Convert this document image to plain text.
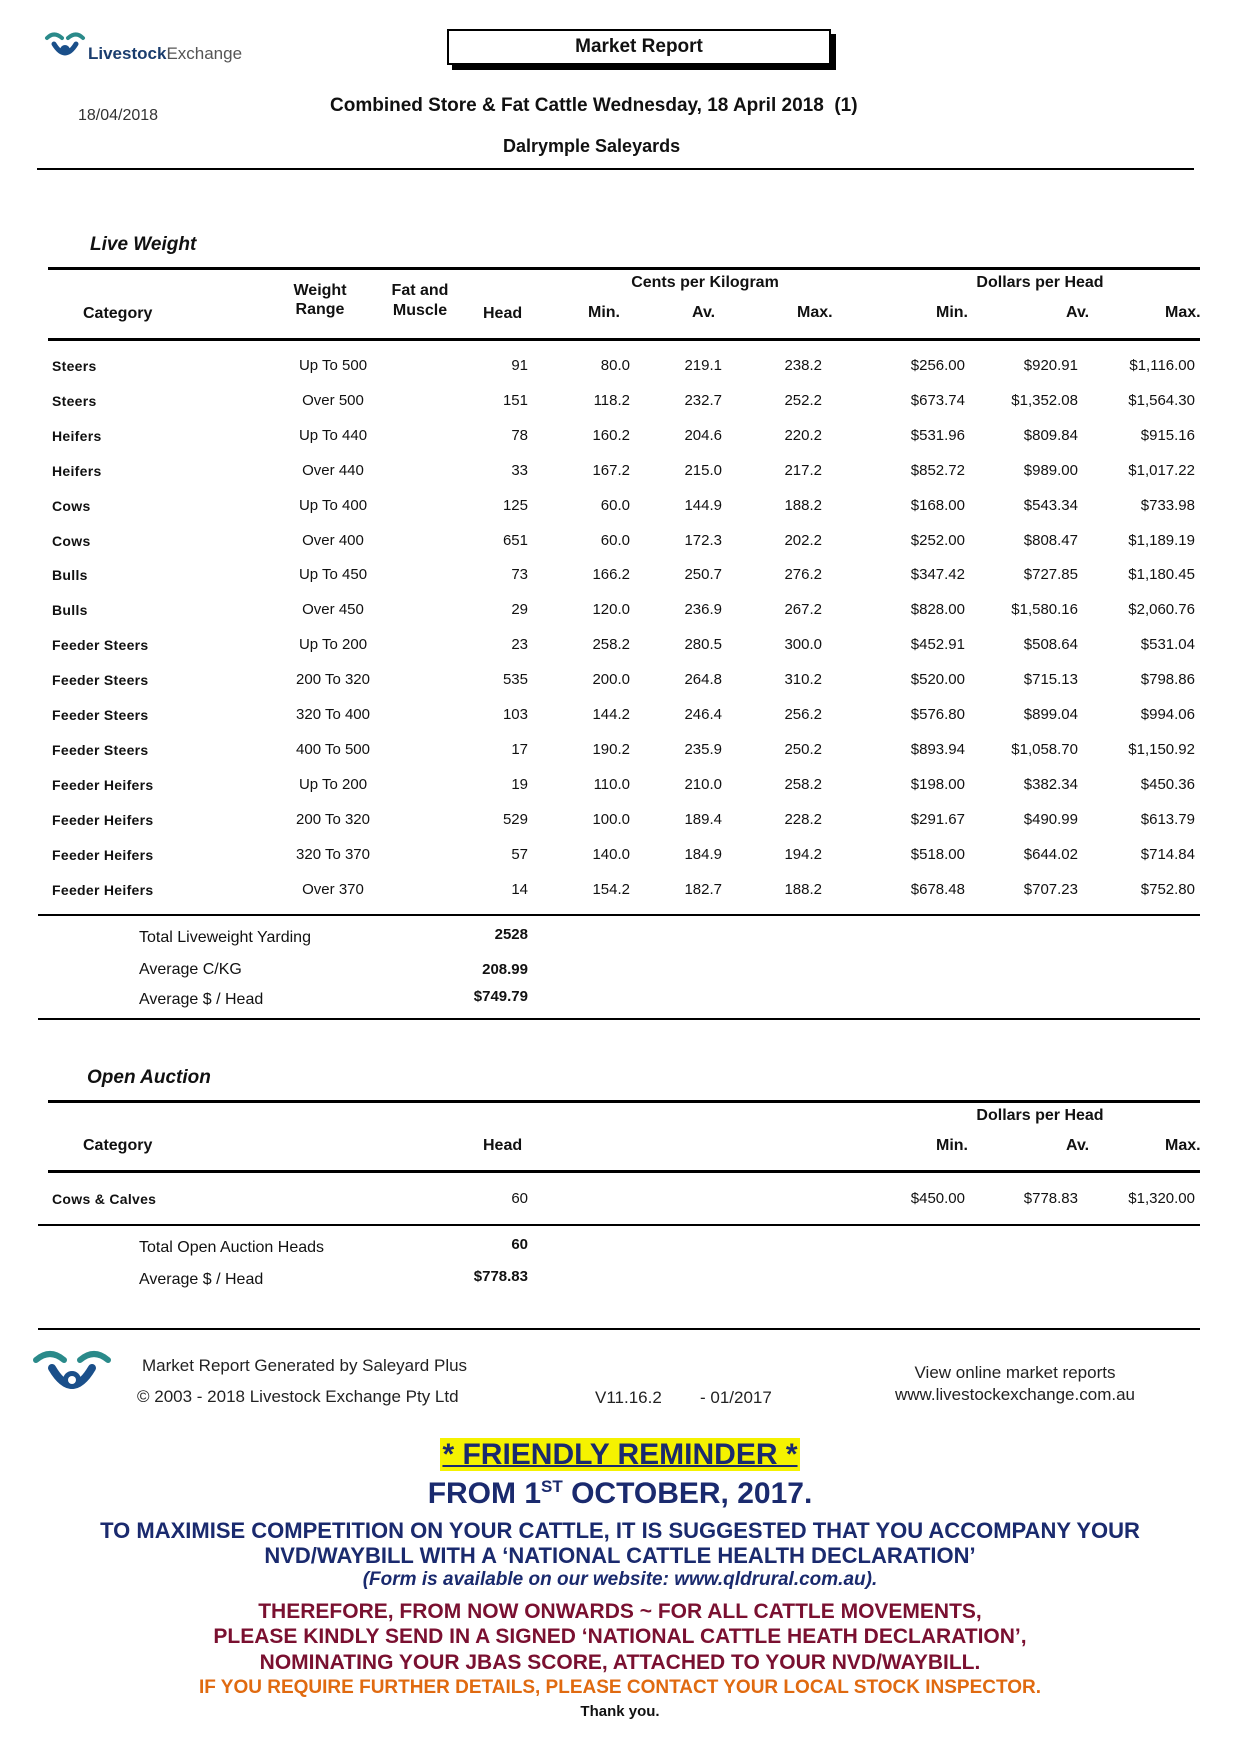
LivestockExchange	Market Report
18/04/2018	Combined Store & Fat Cattle Wednesday, 18 April 2018  (1)
Dalrymple Saleyards
Live Weight
Category
Weight
Range
Fat and
Muscle	Head
Cents per Kilogram	Dollars per Head
Min.	Av.	Max.	Min.	Av.	Max.
Steers	Up To 500	91	80.0	219.1	238.2	$256.00	$920.91	$1,116.00
Steers	Over 500	151	118.2	232.7	252.2	$673.74	$1,352.08	$1,564.30
Heifers	Up To 440	78	160.2	204.6	220.2	$531.96	$809.84	$915.16
Heifers	Over 440	33	167.2	215.0	217.2	$852.72	$989.00	$1,017.22
Cows	Up To 400	125	60.0	144.9	188.2	$168.00	$543.34	$733.98
Cows	Over 400	651	60.0	172.3	202.2	$252.00	$808.47	$1,189.19
Bulls	Up To 450	73	166.2	250.7	276.2	$347.42	$727.85	$1,180.45
Bulls	Over 450	29	120.0	236.9	267.2	$828.00	$1,580.16	$2,060.76
Feeder Steers	Up To 200	23	258.2	280.5	300.0	$452.91	$508.64	$531.04
Feeder Steers	200 To 320	535	200.0	264.8	310.2	$520.00	$715.13	$798.86
Feeder Steers	320 To 400	103	144.2	246.4	256.2	$576.80	$899.04	$994.06
Feeder Steers	400 To 500	17	190.2	235.9	250.2	$893.94	$1,058.70	$1,150.92
Feeder Heifers	Up To 200	19	110.0	210.0	258.2	$198.00	$382.34	$450.36
Feeder Heifers	200 To 320	529	100.0	189.4	228.2	$291.67	$490.99	$613.79
Feeder Heifers	320 To 370	57	140.0	184.9	194.2	$518.00	$644.02	$714.84
Feeder Heifers	Over 370	14	154.2	182.7	188.2	$678.48	$707.23	$752.80
Total Liveweight Yarding	2528
Average C/KG	208.99
Average $ / Head	$749.79
Open Auction
Dollars per Head
Category	Head	Min.	Av.	Max.
Cows & Calves	60	$450.00	$778.83	$1,320.00
Total Open Auction Heads	60
Average $ / Head	$778.83
Market Report Generated by Saleyard Plus
© 2003 - 2018 Livestock Exchange Pty Ltd	V11.16.2 - 01/2017
View online market reports
www.livestockexchange.com.au
* FRIENDLY REMINDER *
FROM 1ST OCTOBER, 2017.
TO MAXIMISE COMPETITION ON YOUR CATTLE, IT IS SUGGESTED THAT YOU ACCOMPANY YOUR
NVD/WAYBILL WITH A ‘NATIONAL CATTLE HEALTH DECLARATION’
(Form is available on our website: www.qldrural.com.au).
THEREFORE, FROM NOW ONWARDS ~ FOR ALL CATTLE MOVEMENTS,
PLEASE KINDLY SEND IN A SIGNED ‘NATIONAL CATTLE HEATH DECLARATION’,
NOMINATING YOUR JBAS SCORE, ATTACHED TO YOUR NVD/WAYBILL.
IF YOU REQUIRE FURTHER DETAILS, PLEASE CONTACT YOUR LOCAL STOCK INSPECTOR.
Thank you.
